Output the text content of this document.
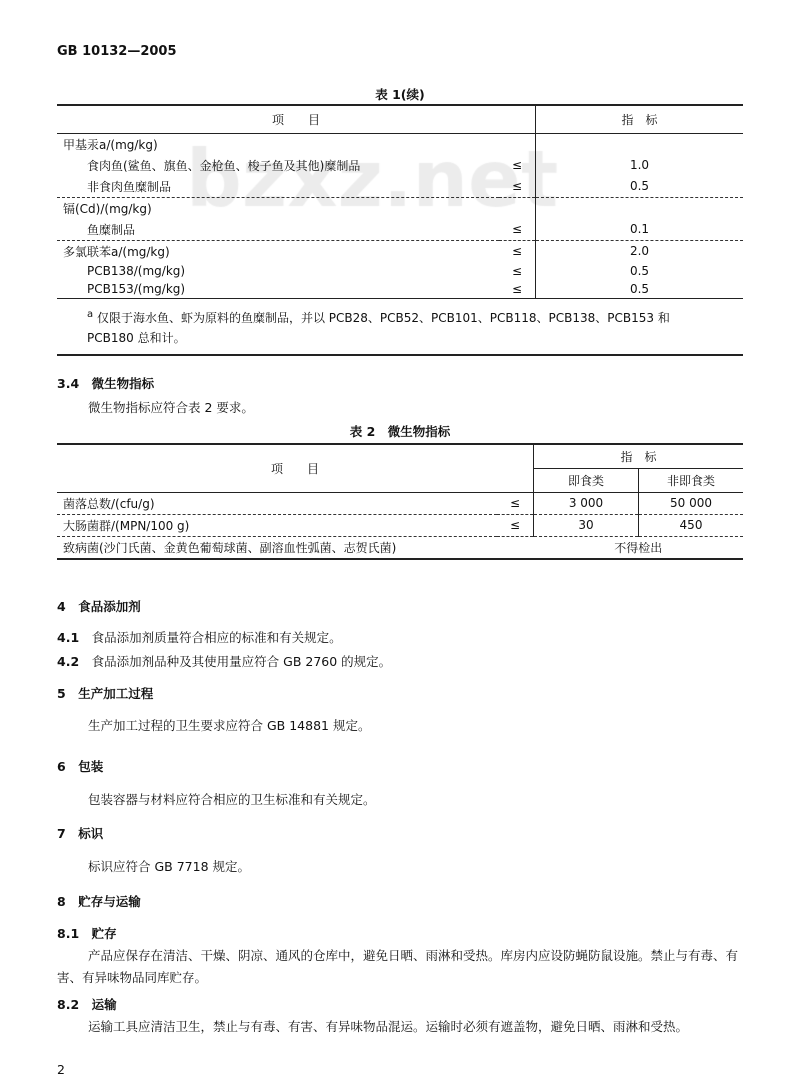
GB 10132—2005
表 1(续)
项　　目		指　标
甲基汞a/(mg/kg)		
食肉鱼(鲨鱼、旗鱼、金枪鱼、梭子鱼及其他)糜制品	≤	1.0
非食肉鱼糜制品	≤	0.5
镉(Cd)/(mg/kg)		
鱼糜制品	≤	0.1
多氯联苯a/(mg/kg)	≤	2.0
PCB138/(mg/kg)	≤	0.5
PCB153/(mg/kg)	≤	0.5
$^a$ 仅限于海水鱼、虾为原料的鱼糜制品，并以 PCB28、PCB52、PCB101、PCB118、PCB138、PCB153 和 PCB180 总和计。		
3.4　 微生物指标
微生物指标应符合表 2 要求。
表 2　微生物指标
项　　目		指　标	
		即食类	非即食类
菌落总数/(cfu/g)	≤	3 000	50 000
大肠菌群/(MPN/100 g)	≤	30	450
致病菌(沙门氏菌、金黄色葡萄球菌、副溶血性弧菌、志贺氏菌)		不得检出	
4　 食品添加剂
4.1　 食品添加剂质量符合相应的标准和有关规定。
4.2　 食品添加剂品种及其使用量应符合 GB 2760 的规定。
5　 生产加工过程
生产加工过程的卫生要求应符合 GB 14881 规定。
6　 包装
包装容器与材料应符合相应的卫生标准和有关规定。
7　 标识
标识应符合 GB 7718 规定。
8　 贮存与运输
8.1　 贮存
产品应保存在清洁、干燥、阴凉、通风的仓库中，避免日晒、雨淋和受热。库房内应设防蝇防鼠设施。禁止与有毒、有害、有异味物品同库贮存。
8.2　 运输
运输工具应清洁卫生，禁止与有毒、有害、有异味物品混运。运输时必须有遮盖物，避免日晒、雨淋和受热。
2
